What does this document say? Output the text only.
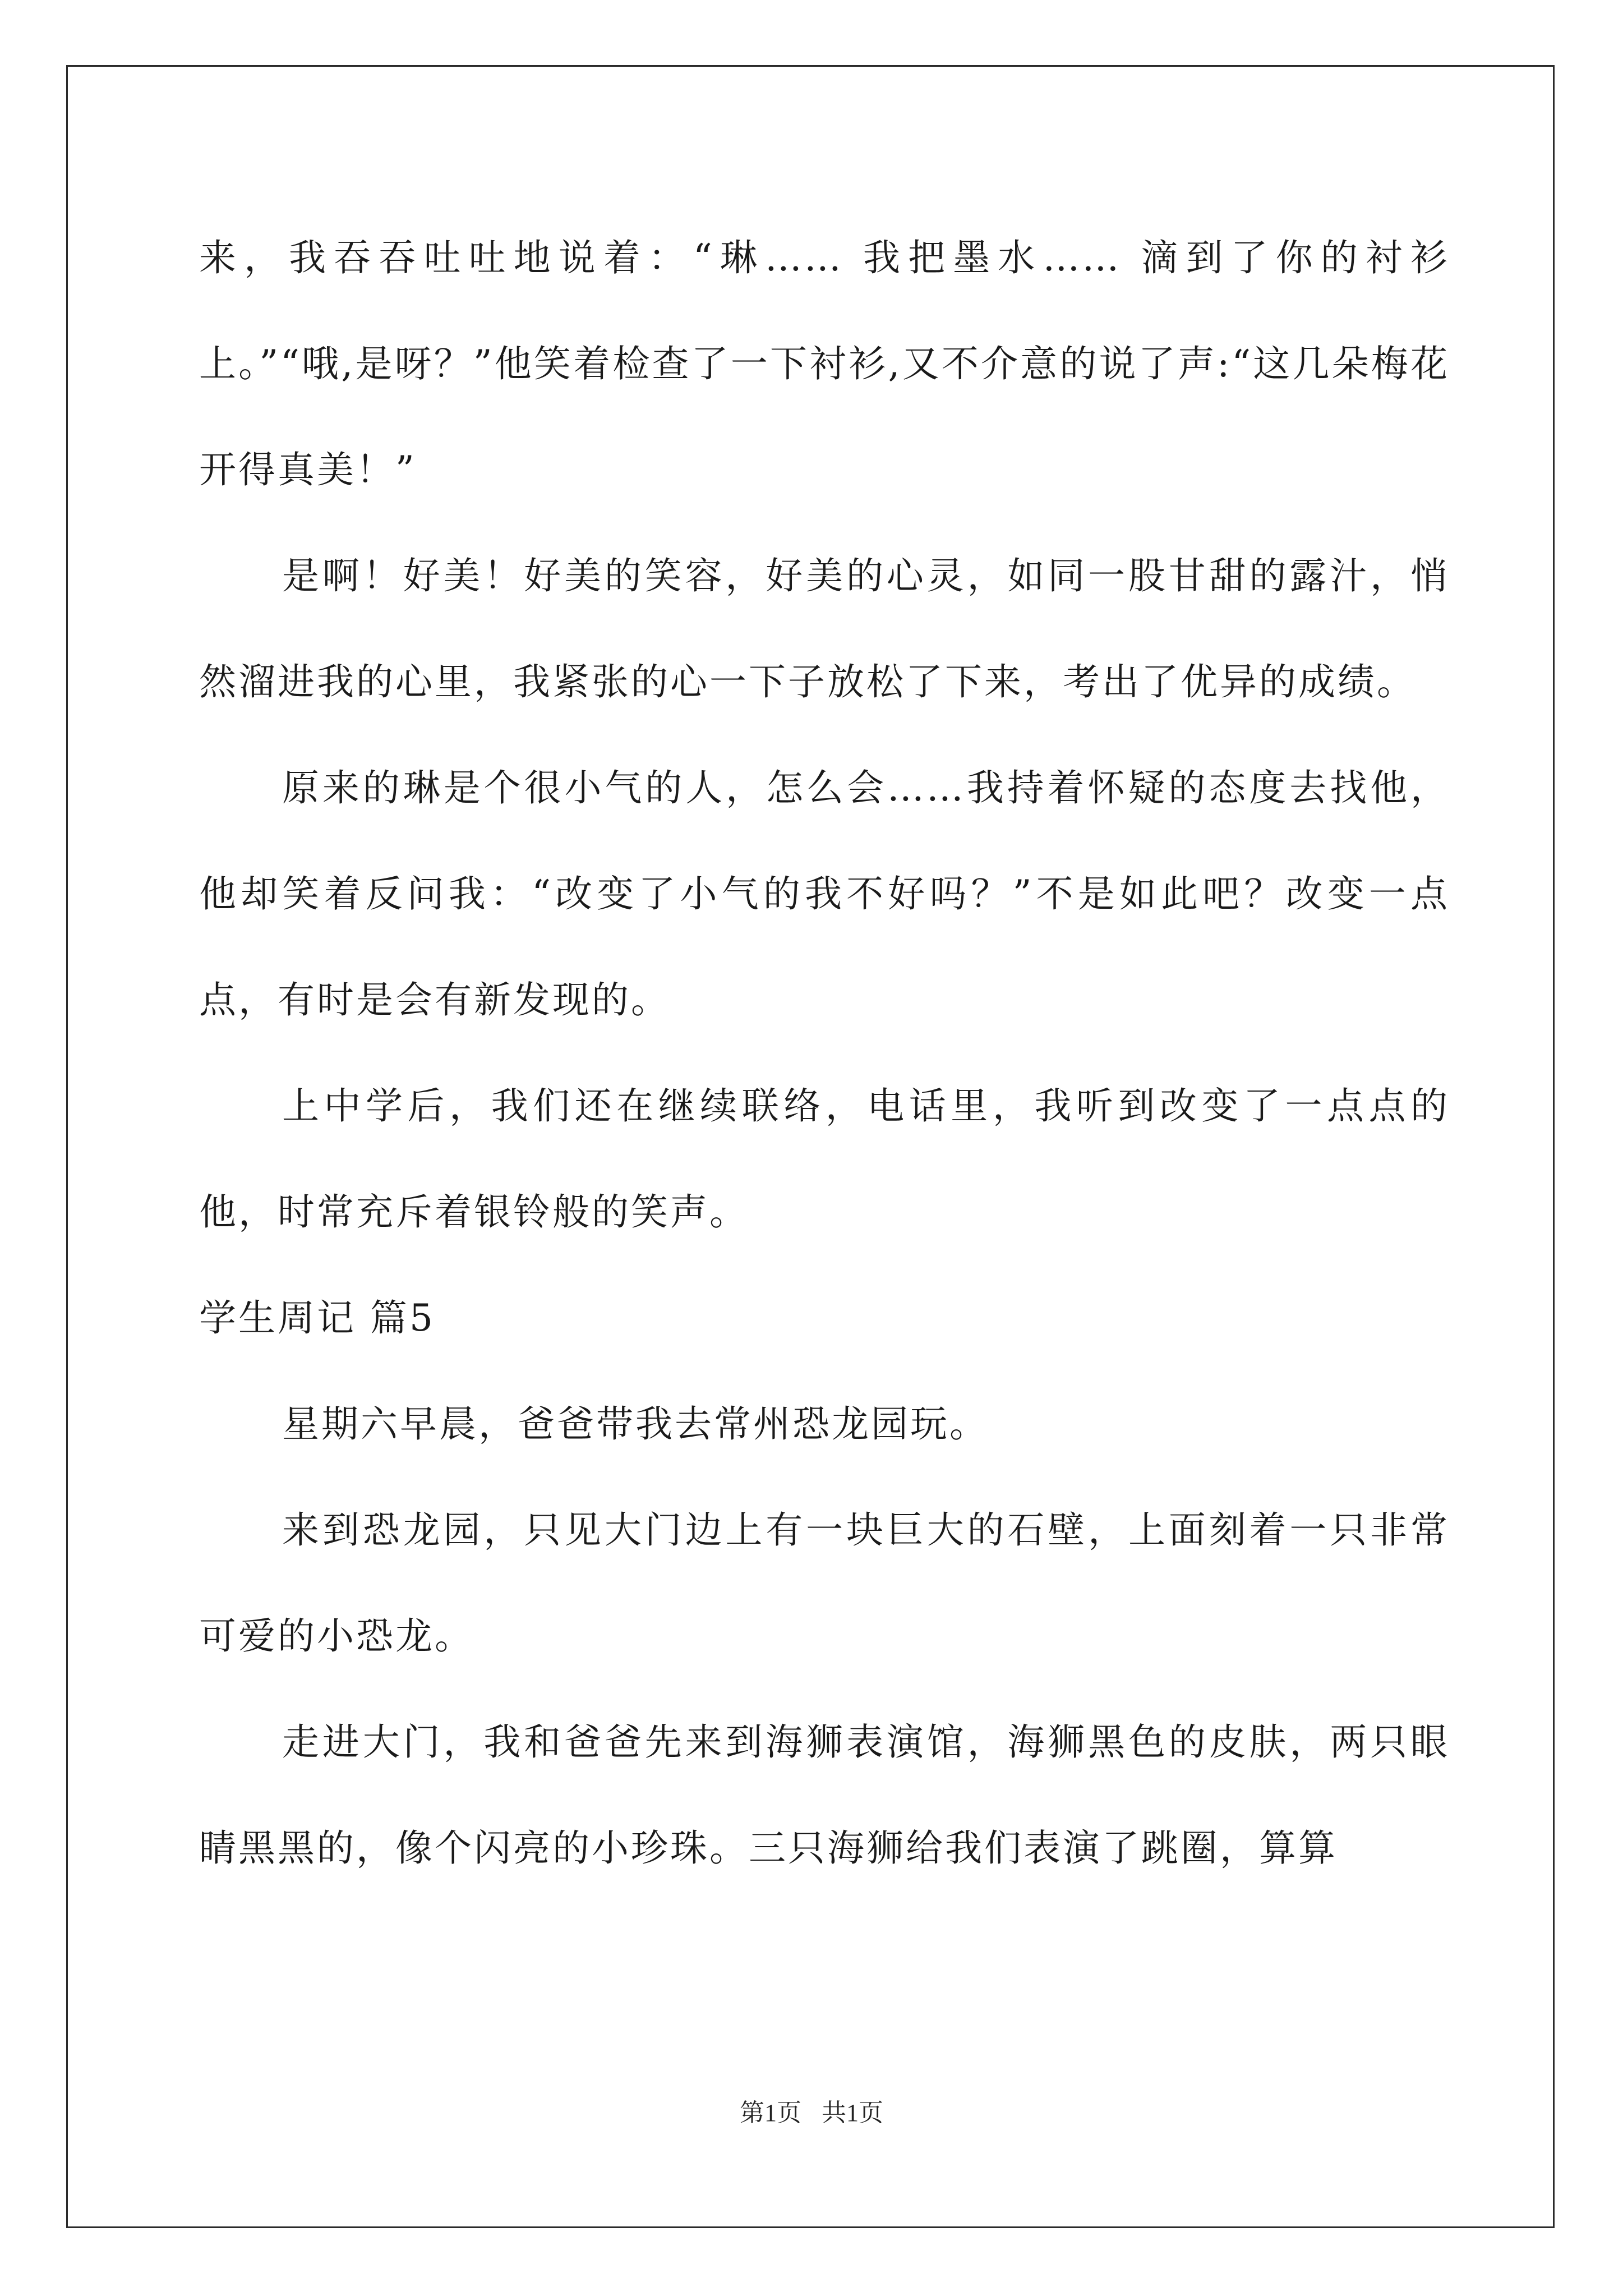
来，我吞吞吐吐地说着：“琳…… 我把墨水…… 滴到了你的衬衫上。”“哦,是呀？”他笑着检查了一下衬衫,又不介意的说了声:“这几朵梅花开得真美！”

是啊！好美！好美的笑容，好美的心灵，如同一股甘甜的露汁，悄然溜进我的心里，我紧张的心一下子放松了下来，考出了优异的成绩。

原来的琳是个很小气的人，怎么会……我持着怀疑的态度去找他，他却笑着反问我：“改变了小气的我不好吗？”不是如此吧？改变一点点，有时是会有新发现的。

上中学后，我们还在继续联络，电话里，我听到改变了一点点的他，时常充斥着银铃般的笑声。

学生周记 篇5

星期六早晨，爸爸带我去常州恐龙园玩。

来到恐龙园，只见大门边上有一块巨大的石壁，上面刻着一只非常可爱的小恐龙。

走进大门，我和爸爸先来到海狮表演馆，海狮黑色的皮肤，两只眼睛黑黑的，像个闪亮的小珍珠。三只海狮给我们表演了跳圈，算算

第1页 共1页
